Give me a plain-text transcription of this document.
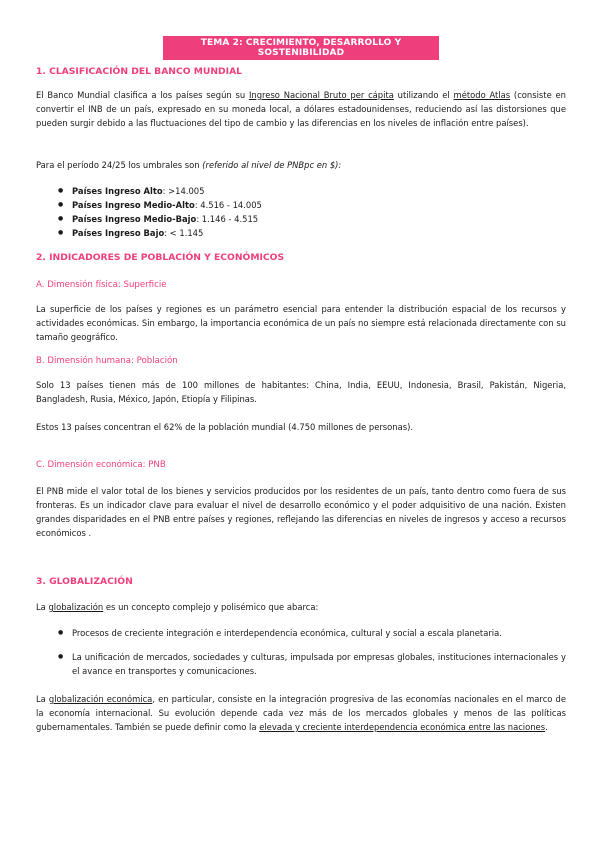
TEMA 2: CRECIMIENTO, DESARROLLO Y SOSTENIBILIDAD
1. CLASIFICACIÓN DEL BANCO MUNDIAL

El Banco Mundial clasifica a los países según su Ingreso Nacional Bruto per cápita utilizando el método Atlas (consiste en convertir el INB de un país, expresado en su moneda local, a dólares estadounidenses, reduciendo así las distorsiones que pueden surgir debido a las fluctuaciones del tipo de cambio y las diferencias en los niveles de inflación entre países).

Para el período 24/25 los umbrales son (referido al nivel de PNBpc en $):

● Países Ingreso Alto: >14.005
● Países Ingreso Medio-Alto: 4.516 - 14.005
● Países Ingreso Medio-Bajo: 1.146 - 4.515
● Países Ingreso Bajo: < 1.145
2. INDICADORES DE POBLACIÓN Y ECONÓMICOS
A. Dimensión física: Superficie

La superficie de los países y regiones es un parámetro esencial para entender la distribución espacial de los recursos y actividades económicas. Sin embargo, la importancia económica de un país no siempre está relacionada directamente con su tamaño geográfico.

B. Dimensión humana: Población

Solo 13 países tienen más de 100 millones de habitantes: China, India, EEUU, Indonesia, Brasil, Pakistán, Nigeria, Bangladesh, Rusia, México, Japón, Etiopía y Filipinas.

Estos 13 países concentran el 62% de la población mundial (4.750 millones de personas).

C. Dimensión económica: PNB

El PNB mide el valor total de los bienes y servicios producidos por los residentes de un país, tanto dentro como fuera de sus fronteras. Es un indicador clave para evaluar el nivel de desarrollo económico y el poder adquisitivo de una nación. Existen grandes disparidades en el PNB entre países y regiones, reflejando las diferencias en niveles de ingresos y acceso a recursos económicos .

3. GLOBALIZACIÓN

La globalización es un concepto complejo y polisémico que abarca:

● Procesos de creciente integración e interdependencia económica, cultural y social a escala planetaria.
● La unificación de mercados, sociedades y culturas, impulsada por empresas globales, instituciones internacionales y el avance en transportes y comunicaciones.

La globalización económica, en particular, consiste en la integración progresiva de las economías nacionales en el marco de la economía internacional. Su evolución depende cada vez más de los mercados globales y menos de las políticas gubernamentales. También se puede definir como la elevada y creciente interdependencia económica entre las naciones.
